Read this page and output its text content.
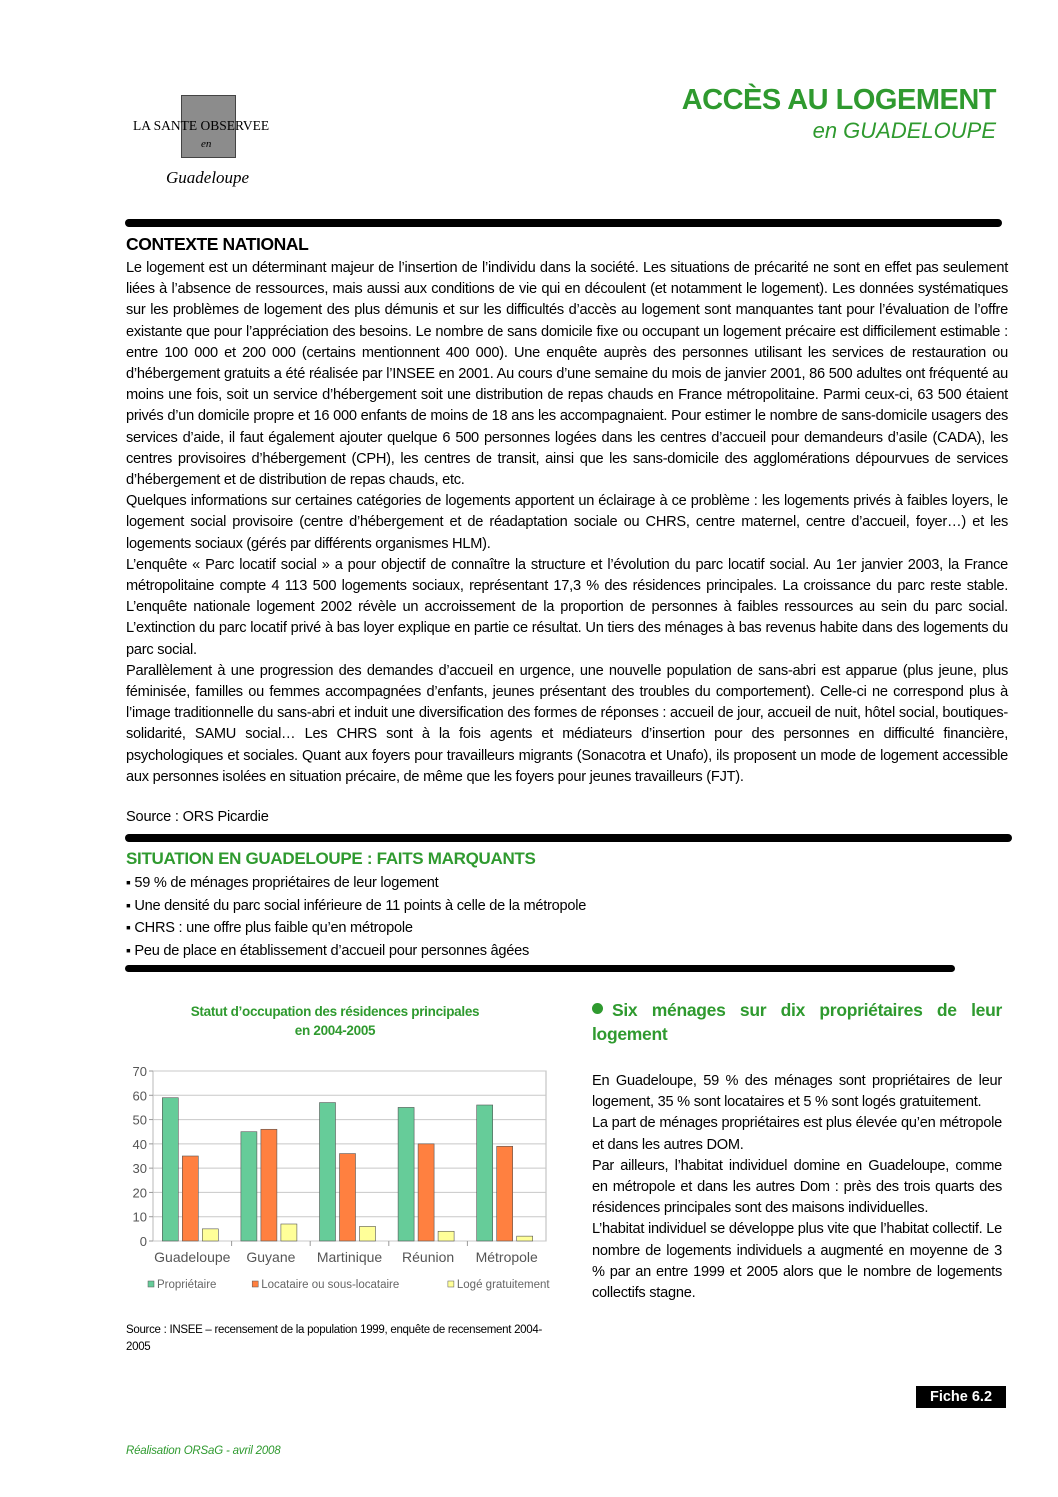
LA SANTE OBSERVEE
en
Guadeloupe
ACCÈS AU LOGEMENT
en GUADELOUPE
CONTEXTE NATIONAL

Le logement est un déterminant majeur de l’insertion de l’individu dans la société. Les situations de précarité ne sont en effet pas seulement liées à l’absence de ressources, mais aussi aux conditions de vie qui en découlent (et notamment le logement). Les données systématiques sur les problèmes de logement des plus démunis et sur les difficultés d’accès au logement sont manquantes tant pour l’évaluation de l’offre existante que pour l’appréciation des besoins. Le nombre de sans domicile fixe ou occupant un logement précaire est difficilement estimable : entre 100 000 et 200 000 (certains mentionnent 400 000). Une enquête auprès des personnes utilisant les services de restauration ou d’hébergement gratuits a été réalisée par l’INSEE en 2001. Au cours d’une semaine du mois de janvier 2001, 86 500 adultes ont fréquenté au moins une fois, soit un service d’hébergement soit une distribution de repas chauds en France métropolitaine. Parmi ceux-ci, 63 500 étaient privés d’un domicile propre et 16 000 enfants de moins de 18 ans les accompagnaient. Pour estimer le nombre de sans-domicile usagers des services d’aide, il faut également ajouter quelque 6 500 personnes logées dans les centres d’accueil pour demandeurs d’asile (CADA), les centres provisoires d’hébergement (CPH), les centres de transit, ainsi que les sans-domicile des agglomérations dépourvues de services d’hébergement et de distribution de repas chauds, etc.

Quelques informations sur certaines catégories de logements apportent un éclairage à ce problème : les logements privés à faibles loyers, le logement social provisoire (centre d’hébergement et de réadaptation sociale ou CHRS, centre maternel, centre d’accueil, foyer…) et les logements sociaux (gérés par différents organismes HLM).

L’enquête « Parc locatif social » a pour objectif de connaître la structure et l’évolution du parc locatif social. Au 1er janvier 2003, la France métropolitaine compte 4 113 500 logements sociaux, représentant 17,3 % des résidences principales. La croissance du parc reste stable. L’enquête nationale logement 2002 révèle un accroissement de la proportion de personnes à faibles ressources au sein du parc social. L’extinction du parc locatif privé à bas loyer explique en partie ce résultat. Un tiers des ménages à bas revenus habite dans des logements du parc social.

Parallèlement à une progression des demandes d’accueil en urgence, une nouvelle population de sans-abri est apparue (plus jeune, plus féminisée, familles ou femmes accompagnées d’enfants, jeunes présentant des troubles du comportement). Celle-ci ne correspond plus à l’image traditionnelle du sans-abri et induit une diversification des formes de réponses : accueil de jour, accueil de nuit, hôtel social, boutiques-solidarité, SAMU social… Les CHRS sont à la fois agents et médiateurs d’insertion pour des personnes en difficulté financière, psychologiques et sociales. Quant aux foyers pour travailleurs migrants (Sonacotra et Unafo), ils proposent un mode de logement accessible aux personnes isolées en situation précaire, de même que les foyers pour jeunes travailleurs (FJT).

Source : ORS Picardie
SITUATION EN GUADELOUPE : FAITS MARQUANTS
▪ 59 % de ménages propriétaires de leur logement
▪ Une densité du parc social inférieure de 11 points à celle de la métropole
▪ CHRS : une offre plus faible qu’en métropole
▪ Peu de place en établissement d’accueil pour personnes âgées
Statut d’occupation des résidences principales
en 2004-2005
0
10
20
30
40
50
60
70
Guadeloupe Guyane Martinique Réunion Métropole
Propriétaire	Locataire ou sous-locataire	Logé gratuitement
Source : INSEE – recensement de la population 1999, enquête de recensement 2004-2005
Six ménages sur dix propriétaires de leur logement

En Guadeloupe, 59 % des ménages sont propriétaires de leur logement, 35 % sont locataires et 5 % sont logés gratuitement.

La part de ménages propriétaires est plus élevée qu’en métropole et dans les autres DOM.

Par ailleurs, l’habitat individuel domine en Guadeloupe, comme en métropole et dans les autres Dom : près des trois quarts des résidences principales sont des maisons individuelles.

L’habitat individuel se développe plus vite que l’habitat collectif. Le nombre de logements individuels a augmenté en moyenne de 3 % par an entre 1999 et 2005 alors que le nombre de logements collectifs stagne.

Fiche 6.2
Réalisation ORSaG - avril 2008
